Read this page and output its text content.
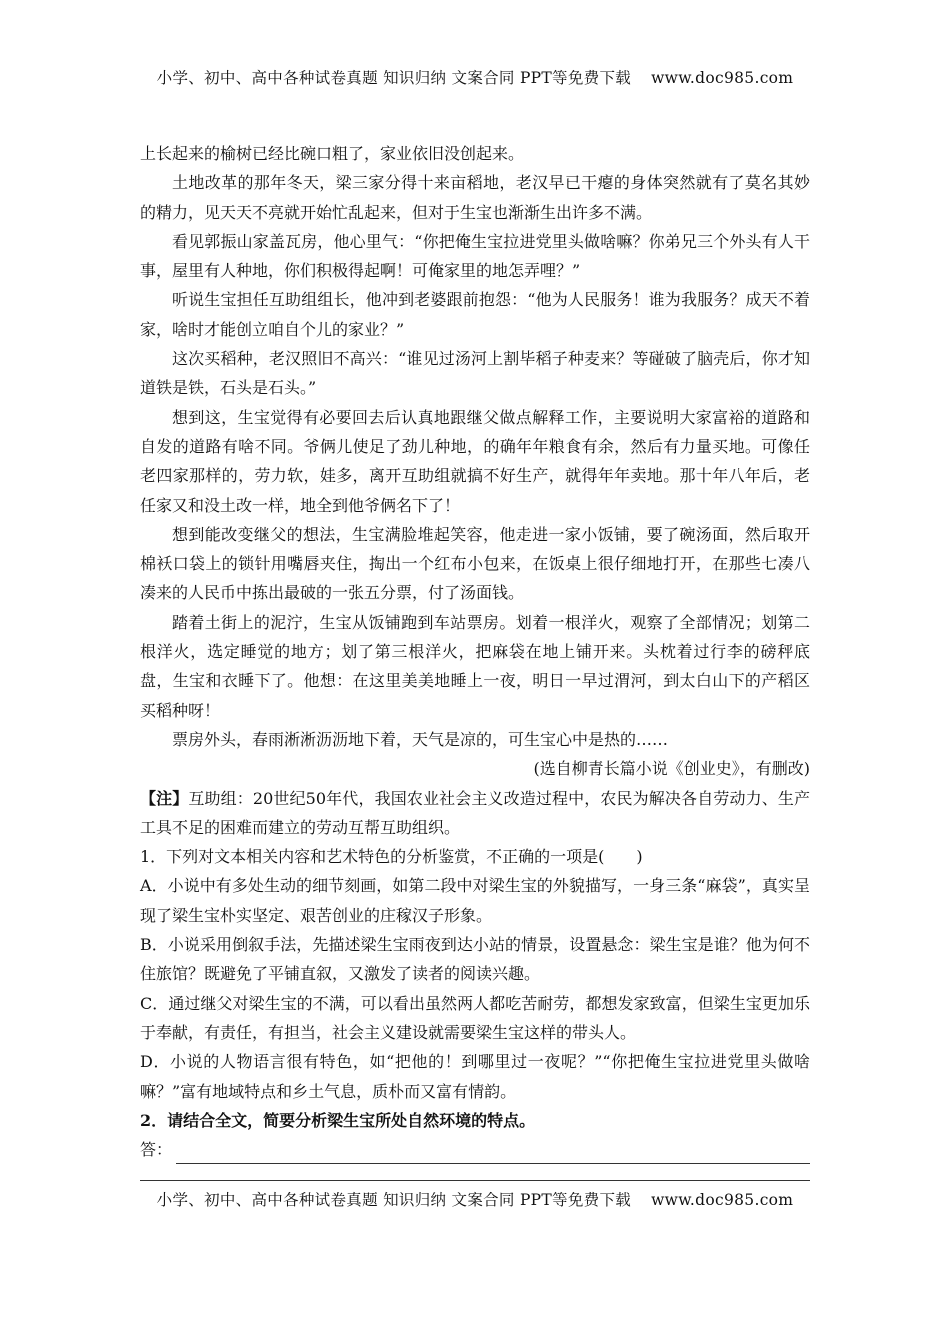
小学、初中、高中各种试卷真题 知识归纳 文案合同 PPT等免费下载 www.doc985.com

上长起来的榆树已经比碗口粗了，家业依旧没创起来。

土地改革的那年冬天，梁三家分得十来亩稻地，老汉早已干瘪的身体突然就有了莫名其妙的精力，见天天不亮就开始忙乱起来，但对于生宝也渐渐生出许多不满。

看见郭振山家盖瓦房，他心里气：“你把俺生宝拉进党里头做啥嘛？你弟兄三个外头有人干事，屋里有人种地，你们积极得起啊！可俺家里的地怎弄哩？”

听说生宝担任互助组组长，他冲到老婆跟前抱怨：“他为人民服务！谁为我服务？成天不着家，啥时才能创立咱自个儿的家业？”

这次买稻种，老汉照旧不高兴：“谁见过汤河上割毕稻子种麦来？等碰破了脑壳后，你才知道铁是铁，石头是石头。”

想到这，生宝觉得有必要回去后认真地跟继父做点解释工作，主要说明大家富裕的道路和自发的道路有啥不同。爷俩儿使足了劲儿种地，的确年年粮食有余，然后有力量买地。可像任老四家那样的，劳力软，娃多，离开互助组就搞不好生产，就得年年卖地。那十年八年后，老任家又和没土改一样，地全到他爷俩名下了！

想到能改变继父的想法，生宝满脸堆起笑容，他走进一家小饭铺，要了碗汤面，然后取开棉袄口袋上的锁针用嘴唇夹住，掏出一个红布小包来，在饭桌上很仔细地打开，在那些七凑八凑来的人民币中拣出最破的一张五分票，付了汤面钱。

踏着土街上的泥泞，生宝从饭铺跑到车站票房。划着一根洋火，观察了全部情况；划第二根洋火，选定睡觉的地方；划了第三根洋火，把麻袋在地上铺开来。头枕着过行李的磅秤底盘，生宝和衣睡下了。他想：在这里美美地睡上一夜，明日一早过渭河，到太白山下的产稻区买稻种呀！

票房外头，春雨淅淅沥沥地下着，天气是凉的，可生宝心中是热的……

(选自柳青长篇小说《创业史》，有删改)

【注】互助组：20世纪50年代，我国农业社会主义改造过程中，农民为解决各自劳动力、生产工具不足的困难而建立的劳动互帮互助组织。

1．下列对文本相关内容和艺术特色的分析鉴赏，不正确的一项是(　　)

A．小说中有多处生动的细节刻画，如第二段中对梁生宝的外貌描写，一身三条“麻袋”，真实呈现了梁生宝朴实坚定、艰苦创业的庄稼汉子形象。

B．小说采用倒叙手法，先描述梁生宝雨夜到达小站的情景，设置悬念：梁生宝是谁？他为何不住旅馆？既避免了平铺直叙，又激发了读者的阅读兴趣。

C．通过继父对梁生宝的不满，可以看出虽然两人都吃苦耐劳，都想发家致富，但梁生宝更加乐于奉献，有责任，有担当，社会主义建设就需要梁生宝这样的带头人。

D．小说的人物语言很有特色，如“把他的！到哪里过一夜呢？”“你把俺生宝拉进党里头做啥嘛？”富有地域特点和乡土气息，质朴而又富有情韵。

2．请结合全文，简要分析梁生宝所处自然环境的特点。

答：
小学、初中、高中各种试卷真题 知识归纳 文案合同 PPT等免费下载 www.doc985.com
